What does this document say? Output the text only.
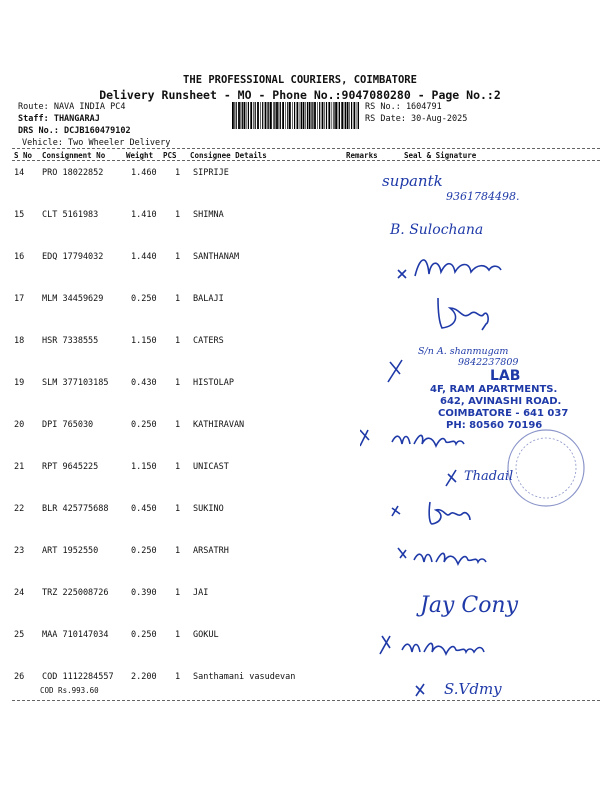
THE PROFESSIONAL COURIERS, COIMBATORE
Delivery Runsheet - MO - Phone No.:9047080280 - Page No.:2
Route: NAVA INDIA PC4
Staff: THANGARAJ
DRS No.: DCJB160479102
Vehicle: Two Wheeler Delivery
RS No.: 1604791
RS Date: 30-Aug-2025
S No Consignment No	Weight PCS Consignee Details	Remarks	Seal & Signature
14 PRO 18022852	1.460 1 SIPRIJE
15 CLT 5161983	1.410 1 SHIMNA
16 EDQ 17794032	1.440 1 SANTHANAM
17 MLM 34459629	0.250 1 BALAJI
18 HSR 7338555	1.150 1 CATERS
19 SLM 377103185	0.430 1 HISTOLAP
20 DPI 765030	0.250 1 KATHIRAVAN
21 RPT 9645225	1.150 1 UNICAST
22 BLR 425775688	0.450 1 SUKINO
23 ART 1952550	0.250 1 ARSATRH
24 TRZ 225008726	0.390 1 JAI
25 MAA 710147034	0.250 1 GOKUL
26 COD 1112284557 2.200 1 Santhamani vasudevan
COD Rs.993.60
supantk
9361784498.
B. Sulochana
S/n A. shanmugam
9842237809
LAB
4F, RAM APARTMENTS.
642, AVINASHI ROAD.
COIMBATORE - 641 037
PH: 80560 70196
Thadail
Jay Cony
S.Vdmy
